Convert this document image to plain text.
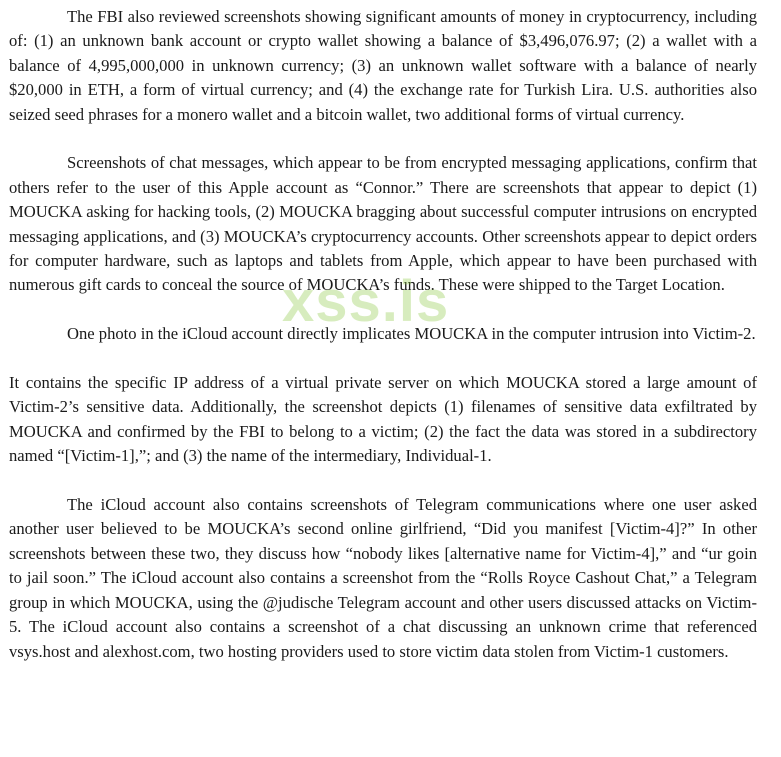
The FBI also reviewed screenshots showing significant amounts of money in cryptocurrency, including of: (1) an unknown bank account or crypto wallet showing a balance of $3,496,076.97; (2) a wallet with a balance of 4,995,000,000 in unknown currency; (3) an unknown wallet software with a balance of nearly $20,000 in ETH, a form of virtual currency; and (4) the exchange rate for Turkish Lira. U.S. authorities also seized seed phrases for a monero wallet and a bitcoin wallet, two additional forms of virtual currency.

Screenshots of chat messages, which appear to be from encrypted messaging applications, confirm that others refer to the user of this Apple account as “Connor.” There are screenshots that appear to depict (1) MOUCKA asking for hacking tools, (2) MOUCKA bragging about successful computer intrusions on encrypted messaging applications, and (3) MOUCKA’s cryptocurrency accounts. Other screenshots appear to depict orders for computer hardware, such as laptops and tablets from Apple, which appear to have been purchased with numerous gift cards to conceal the source of MOUCKA’s funds. These were shipped to the Target Location.

One photo in the iCloud account directly implicates MOUCKA in the computer intrusion into Victim-2.

It contains the specific IP address of a virtual private server on which MOUCKA stored a large amount of Victim-2’s sensitive data. Additionally, the screenshot depicts (1) filenames of sensitive data exfiltrated by MOUCKA and confirmed by the FBI to belong to a victim; (2) the fact the data was stored in a subdirectory named “[Victim-1],”; and (3) the name of the intermediary, Individual-1.

The iCloud account also contains screenshots of Telegram communications where one user asked another user believed to be MOUCKA’s second online girlfriend, “Did you manifest [Victim-4]?” In other screenshots between these two, they discuss how “nobody likes [alternative name for Victim-4],” and “ur goin to jail soon.” The iCloud account also contains a screenshot from the “Rolls Royce Cashout Chat,” a Telegram group in which MOUCKA, using the @judische Telegram account and other users discussed attacks on Victim-5. The iCloud account also contains a screenshot of a chat discussing an unknown crime that referenced vsys.host and alexhost.com, two hosting providers used to store victim data stolen from Victim-1 customers.

xss.is
